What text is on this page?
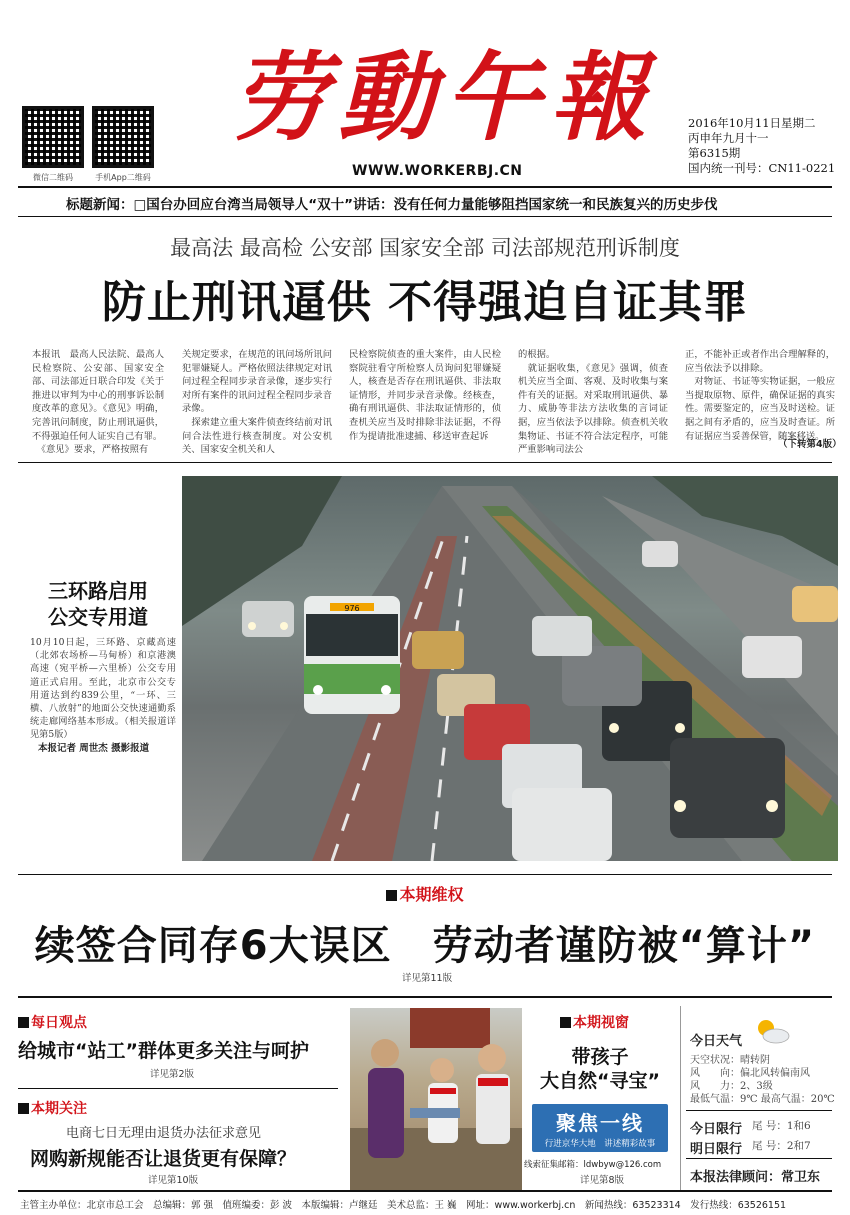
微信二维码	手机App二维码
劳動午報
WWW.WORKERBJ.CN
2016年10月11日星期二
丙申年九月十一
第6315期
国内统一刊号：CN11-0221
标题新闻：□国台办回应台湾当局领导人“双十”讲话：没有任何力量能够阻挡国家统一和民族复兴的历史步伐
最高法 最高检 公安部 国家安全部 司法部规范刑诉制度
防止刑讯逼供 不得强迫自证其罪
本报讯　最高人民法院、最高人民检察院、公安部、国家安全部、司法部近日联合印发《关于推进以审判为中心的刑事诉讼制度改革的意见》。《意见》明确，完善讯问制度，防止刑讯逼供，不得强迫任何人证实自己有罪。
　《意见》要求，严格按照有
关规定要求，在规范的讯问场所讯问犯罪嫌疑人。严格依照法律规定对讯问过程全程同步录音录像，逐步实行对所有案件的讯问过程全程同步录音录像。
　探索建立重大案件侦查终结前对讯问合法性进行核查制度。对公安机关、国家安全机关和人
民检察院侦查的重大案件，由人民检察院驻看守所检察人员询问犯罪嫌疑人，核查是否存在刑讯逼供、非法取证情形，并同步录音录像。经核查，确有刑讯逼供、非法取证情形的，侦查机关应当及时排除非法证据，不得作为提请批准逮捕、移送审查起诉
的根据。
　就证据收集，《意见》强调，侦查机关应当全面、客观、及时收集与案件有关的证据。对采取刑讯逼供、暴力、威胁等非法方法收集的言词证据，应当依法予以排除。侦查机关收集物证、书证不符合法定程序，可能严重影响司法公
正，不能补正或者作出合理解释的，应当依法予以排除。
　对物证、书证等实物证据，一般应当提取原物、原件，确保证据的真实性。需要鉴定的，应当及时送检。证据之间有矛盾的，应当及时查证。所有证据应当妥善保管，随案移送。
（下转第4版）
976
三环路启用
公交专用道
10月10日起，三环路、京藏高速（北郊农场桥—马甸桥）和京港澳高速（宛平桥—六里桥）公交专用道正式启用。至此，北京市公交专用道达到约839公里，“一环、三横、八放射”的地面公交快速通勤系统走廊网络基本形成。（相关报道详见第5版）
本报记者 周世杰 摄影报道
本期维权
续签合同存6大误区　劳动者谨防被“算计”
详见第11版
每日观点
给城市“站工”群体更多关注与呵护
详见第2版
本期关注
电商七日无理由退货办法征求意见
网购新规能否让退货更有保障？
详见第10版
本期视窗
带孩子
大自然“寻宝”
聚焦一线
行进京华大地　讲述精彩故事
线索征集邮箱：ldwbyw@126.com
详见第8版
今日天气
天空状况：晴转阴
风　　向：偏北风转偏南风
风　　力：2、3级
最低气温：9℃ 最高气温：20℃
今日限行 尾 号：1和6
明日限行 尾 号：2和7
本报法律顾问：常卫东
主管主办单位：北京市总工会　总编辑：郭 强　值班编委：彭 波　本版编辑：卢继廷　美术总监：王 巍　网址：www.workerbj.cn　新闻热线：63523314　发行热线：63526151
